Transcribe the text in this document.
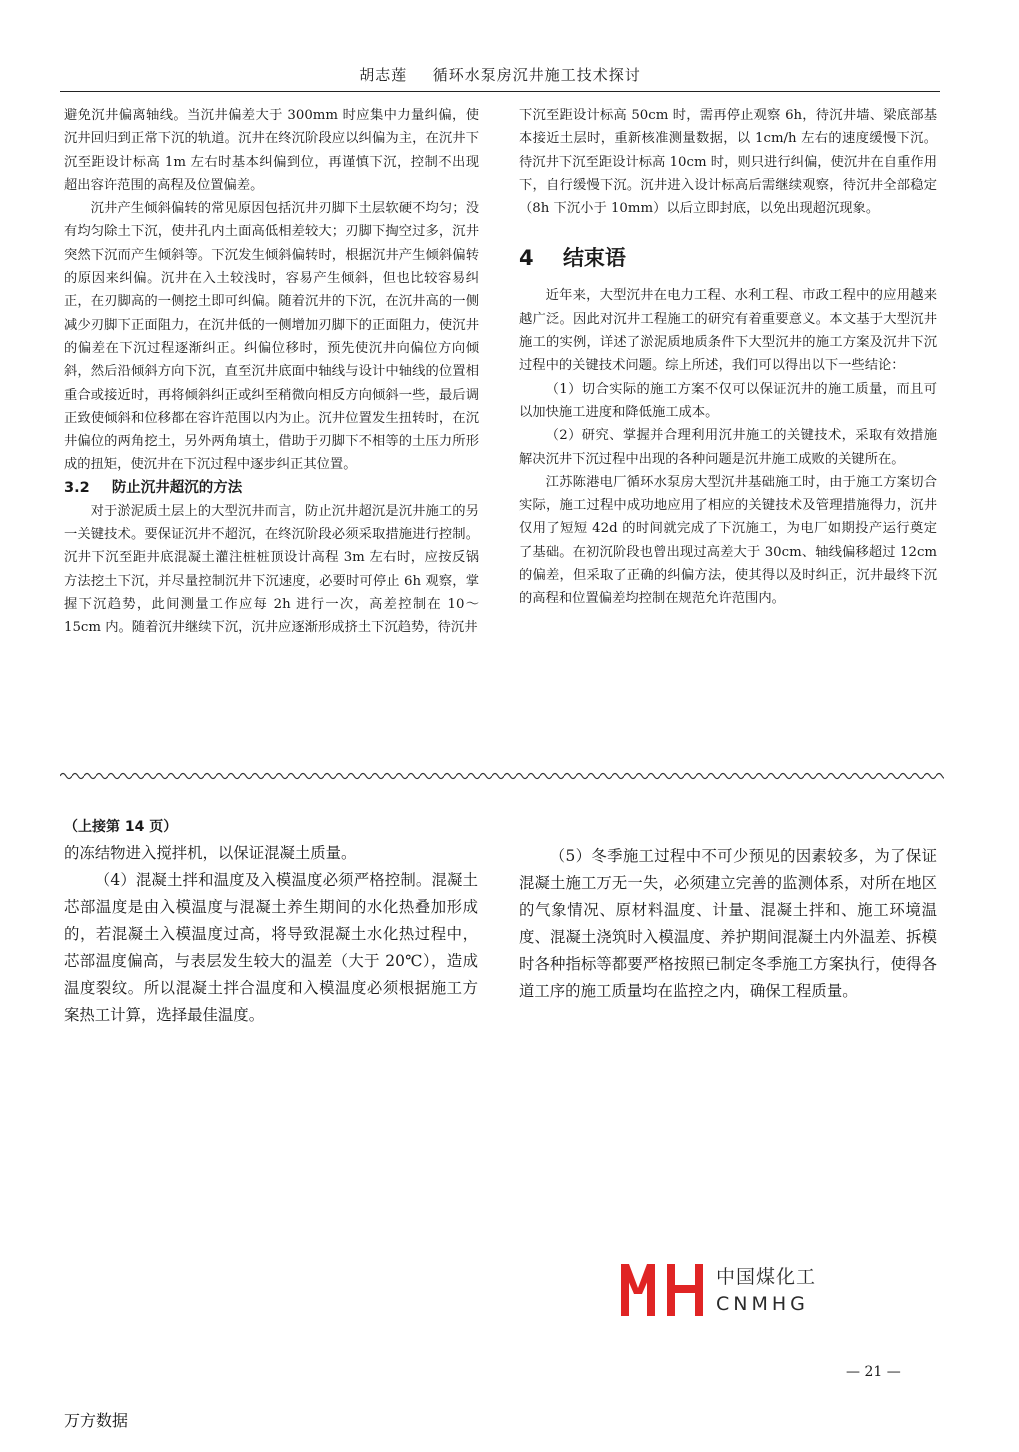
胡志莲 循环水泵房沉井施工技术探讨

避免沉井偏离轴线。当沉井偏差大于 300mm 时应集中力量纠偏，使沉井回归到正常下沉的轨道。沉井在终沉阶段应以纠偏为主，在沉井下沉至距设计标高 1m 左右时基本纠偏到位，再谨慎下沉，控制不出现超出容许范围的高程及位置偏差。

沉井产生倾斜偏转的常见原因包括沉井刃脚下土层软硬不均匀；没有均匀除土下沉，使井孔内土面高低相差较大；刃脚下掏空过多，沉井突然下沉而产生倾斜等。下沉发生倾斜偏转时，根据沉井产生倾斜偏转的原因来纠偏。沉井在入土较浅时，容易产生倾斜，但也比较容易纠正，在刃脚高的一侧挖土即可纠偏。随着沉井的下沉，在沉井高的一侧减少刃脚下正面阻力，在沉井低的一侧增加刃脚下的正面阻力，使沉井的偏差在下沉过程逐渐纠正。纠偏位移时，预先使沉井向偏位方向倾斜，然后沿倾斜方向下沉，直至沉井底面中轴线与设计中轴线的位置相重合或接近时，再将倾斜纠正或纠至稍微向相反方向倾斜一些，最后调正致使倾斜和位移都在容许范围以内为止。沉井位置发生扭转时，在沉井偏位的两角挖土，另外两角填土，借助于刃脚下不相等的土压力所形成的扭矩，使沉井在下沉过程中逐步纠正其位置。

3.2 防止沉井超沉的方法

对于淤泥质土层上的大型沉井而言，防止沉井超沉是沉井施工的另一关键技术。要保证沉井不超沉，在终沉阶段必须采取措施进行控制。沉井下沉至距井底混凝土灌注桩桩顶设计高程 3m 左右时，应按反锅方法挖土下沉，并尽量控制沉井下沉速度，必要时可停止 6h 观察，掌握下沉趋势，此间测量工作应每 2h 进行一次，高差控制在 10～15cm 内。随着沉井继续下沉，沉井应逐渐形成挤土下沉趋势，待沉井

下沉至距设计标高 50cm 时，需再停止观察 6h，待沉井墙、梁底部基本接近土层时，重新核准测量数据，以 1cm/h 左右的速度缓慢下沉。待沉井下沉至距设计标高 10cm 时，则只进行纠偏，使沉井在自重作用下，自行缓慢下沉。沉井进入设计标高后需继续观察，待沉井全部稳定（8h 下沉小于 10mm）以后立即封底，以免出现超沉现象。

4 结束语

近年来，大型沉井在电力工程、水利工程、市政工程中的应用越来越广泛。因此对沉井工程施工的研究有着重要意义。本文基于大型沉井施工的实例，详述了淤泥质地质条件下大型沉井的施工方案及沉井下沉过程中的关键技术问题。综上所述，我们可以得出以下一些结论：

（1）切合实际的施工方案不仅可以保证沉井的施工质量，而且可以加快施工进度和降低施工成本。

（2）研究、掌握并合理利用沉井施工的关键技术，采取有效措施解决沉井下沉过程中出现的各种问题是沉井施工成败的关键所在。

江苏陈港电厂循环水泵房大型沉井基础施工时，由于施工方案切合实际，施工过程中成功地应用了相应的关键技术及管理措施得力，沉井仅用了短短 42d 的时间就完成了下沉施工，为电厂如期投产运行奠定了基础。在初沉阶段也曾出现过高差大于 30cm、轴线偏移超过 12cm 的偏差，但采取了正确的纠偏方法，使其得以及时纠正，沉井最终下沉的高程和位置偏差均控制在规范允许范围内。

（上接第 14 页）

的冻结物进入搅拌机，以保证混凝土质量。

（4）混凝土拌和温度及入模温度必须严格控制。混凝土芯部温度是由入模温度与混凝土养生期间的水化热叠加形成的，若混凝土入模温度过高，将导致混凝土水化热过程中，芯部温度偏高，与表层发生较大的温差（大于 20℃），造成温度裂纹。所以混凝土拌合温度和入模温度必须根据施工方案热工计算，选择最佳温度。

（5）冬季施工过程中不可少预见的因素较多，为了保证混凝土施工万无一失，必须建立完善的监测体系，对所在地区的气象情况、原材料温度、计量、混凝土拌和、施工环境温度、混凝土浇筑时入模温度、养护期间混凝土内外温差、拆模时各种指标等都要严格按照已制定冬季施工方案执行，使得各道工序的施工质量均在监控之内，确保工程质量。

中国煤化工
CNMHG
— 21 —
万方数据
